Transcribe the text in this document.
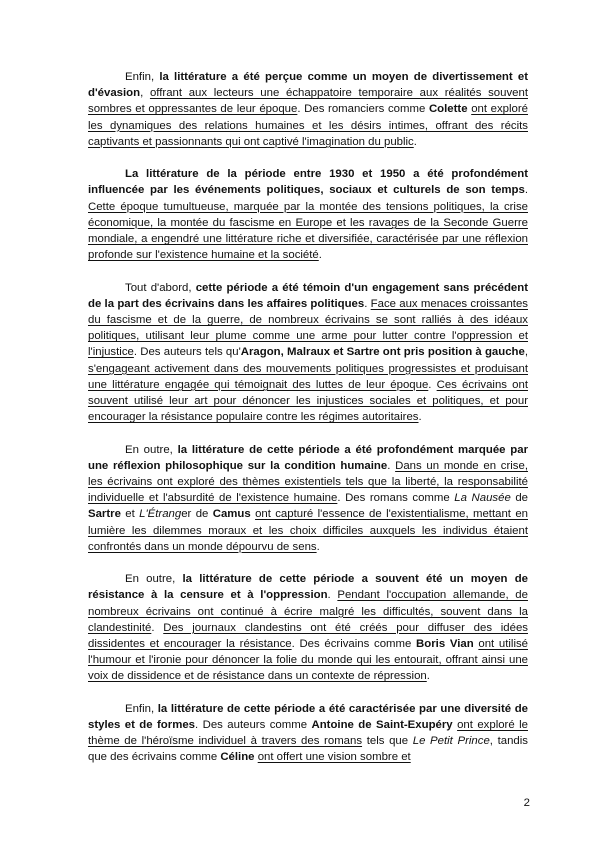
Enfin, la littérature a été perçue comme un moyen de divertissement et d'évasion, offrant aux lecteurs une échappatoire temporaire aux réalités souvent sombres et oppressantes de leur époque. Des romanciers comme Colette ont exploré les dynamiques des relations humaines et les désirs intimes, offrant des récits captivants et passionnants qui ont captivé l'imagination du public.

La littérature de la période entre 1930 et 1950 a été profondément influencée par les événements politiques, sociaux et culturels de son temps. Cette époque tumultueuse, marquée par la montée des tensions politiques, la crise économique, la montée du fascisme en Europe et les ravages de la Seconde Guerre mondiale, a engendré une littérature riche et diversifiée, caractérisée par une réflexion profonde sur l'existence humaine et la société.

Tout d'abord, cette période a été témoin d'un engagement sans précédent de la part des écrivains dans les affaires politiques. Face aux menaces croissantes du fascisme et de la guerre, de nombreux écrivains se sont ralliés à des idéaux politiques, utilisant leur plume comme une arme pour lutter contre l'oppression et l'injustice. Des auteurs tels qu'Aragon, Malraux et Sartre ont pris position à gauche, s'engageant activement dans des mouvements politiques progressistes et produisant une littérature engagée qui témoignait des luttes de leur époque. Ces écrivains ont souvent utilisé leur art pour dénoncer les injustices sociales et politiques, et pour encourager la résistance populaire contre les régimes autoritaires.

En outre, la littérature de cette période a été profondément marquée par une réflexion philosophique sur la condition humaine. Dans un monde en crise, les écrivains ont exploré des thèmes existentiels tels que la liberté, la responsabilité individuelle et l'absurdité de l'existence humaine. Des romans comme La Nausée de Sartre et L'Étranger de Camus ont capturé l'essence de l'existentialisme, mettant en lumière les dilemmes moraux et les choix difficiles auxquels les individus étaient confrontés dans un monde dépourvu de sens.

En outre, la littérature de cette période a souvent été un moyen de résistance à la censure et à l'oppression. Pendant l'occupation allemande, de nombreux écrivains ont continué à écrire malgré les difficultés, souvent dans la clandestinité. Des journaux clandestins ont été créés pour diffuser des idées dissidentes et encourager la résistance. Des écrivains comme Boris Vian ont utilisé l'humour et l'ironie pour dénoncer la folie du monde qui les entourait, offrant ainsi une voix de dissidence et de résistance dans un contexte de répression.

Enfin, la littérature de cette période a été caractérisée par une diversité de styles et de formes. Des auteurs comme Antoine de Saint-Exupéry ont exploré le thème de l'héroïsme individuel à travers des romans tels que Le Petit Prince, tandis que des écrivains comme Céline ont offert une vision sombre et

2
